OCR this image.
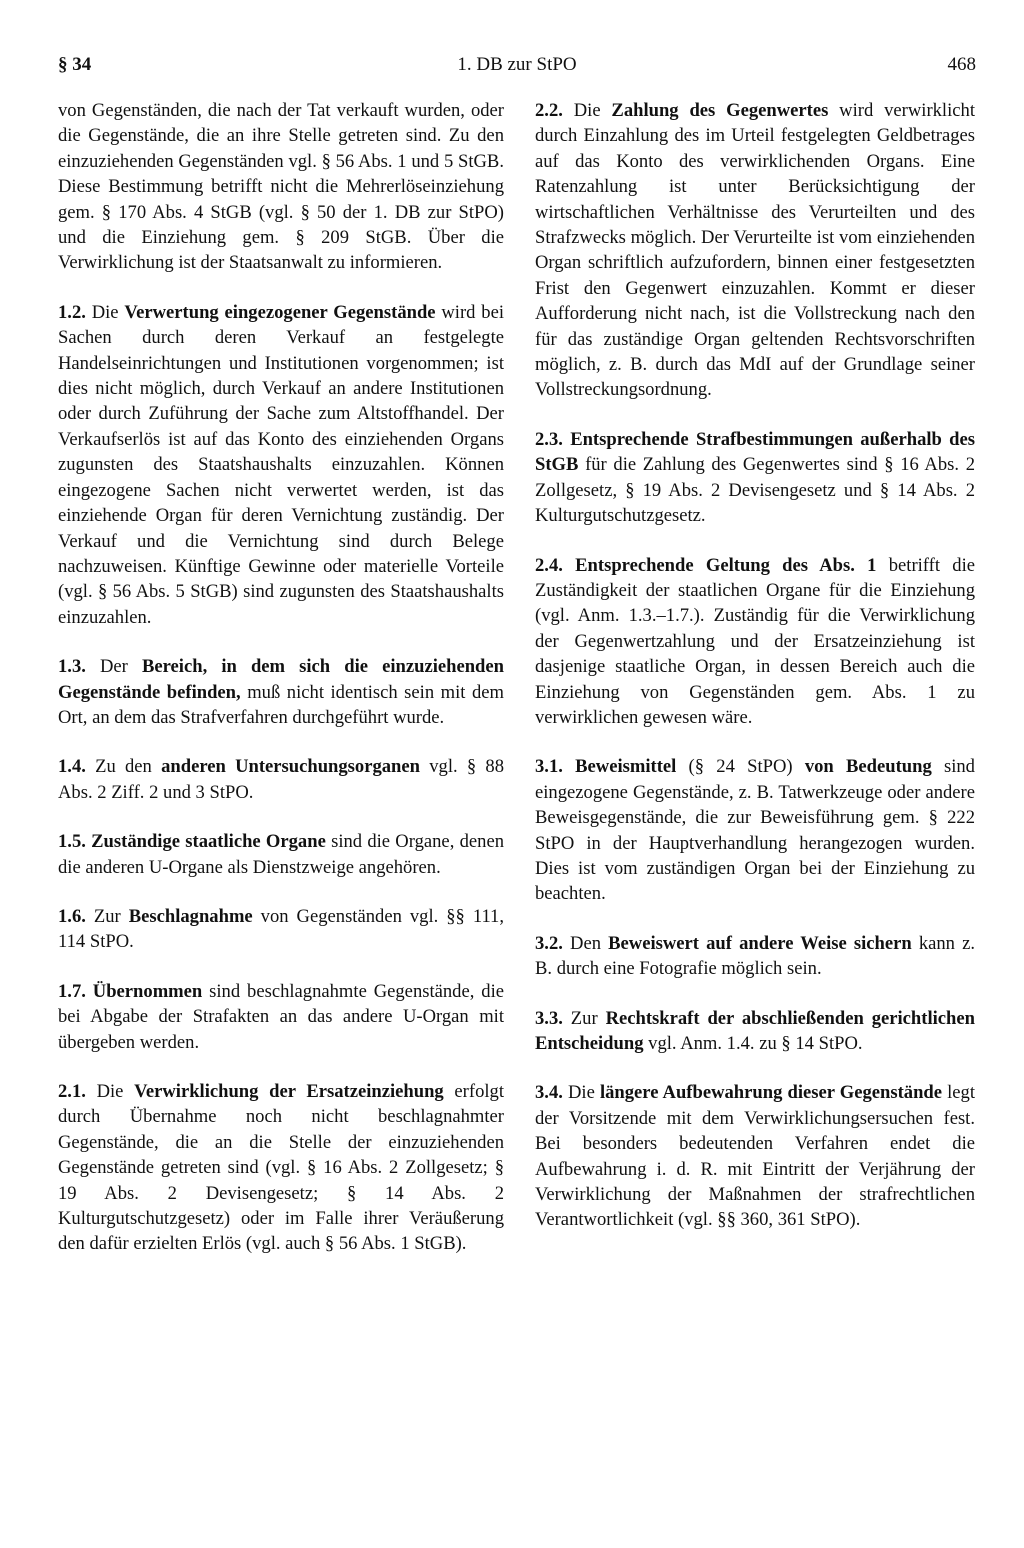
§ 34	1. DB zur StPO	468

von Gegenständen, die nach der Tat verkauft wurden, oder die Gegenstände, die an ihre Stelle getreten sind. Zu den einzuziehenden Gegenständen vgl. § 56 Abs. 1 und 5 StGB. Diese Bestimmung betrifft nicht die Mehrerlöseinziehung gem. § 170 Abs. 4 StGB (vgl. § 50 der 1. DB zur StPO) und die Einziehung gem. § 209 StGB. Über die Verwirklichung ist der Staatsanwalt zu informieren.

1.2. Die Verwertung eingezogener Gegenstände wird bei Sachen durch deren Verkauf an festgelegte Handelseinrichtungen und Institutionen vorgenommen; ist dies nicht möglich, durch Verkauf an andere Institutionen oder durch Zuführung der Sache zum Altstoffhandel. Der Verkaufserlös ist auf das Konto des einziehenden Organs zugunsten des Staatshaushalts einzuzahlen. Können eingezogene Sachen nicht verwertet werden, ist das einziehende Organ für deren Vernichtung zuständig. Der Verkauf und die Vernichtung sind durch Belege nachzuweisen. Künftige Gewinne oder materielle Vorteile (vgl. § 56 Abs. 5 StGB) sind zugunsten des Staatshaushalts einzuzahlen.

1.3. Der Bereich, in dem sich die einzuziehenden Gegenstände befinden, muß nicht identisch sein mit dem Ort, an dem das Strafverfahren durchgeführt wurde.

1.4. Zu den anderen Untersuchungsorganen vgl. § 88 Abs. 2 Ziff. 2 und 3 StPO.

1.5. Zuständige staatliche Organe sind die Organe, denen die anderen U-Organe als Dienstzweige angehören.

1.6. Zur Beschlagnahme von Gegenständen vgl. §§ 111, 114 StPO.

1.7. Übernommen sind beschlagnahmte Gegenstände, die bei Abgabe der Strafakten an das andere U-Organ mit übergeben werden.

2.1. Die Verwirklichung der Ersatzeinziehung erfolgt durch Übernahme noch nicht beschlagnahmter Gegenstände, die an die Stelle der einzuziehenden Gegenstände getreten sind (vgl. § 16 Abs. 2 Zollgesetz; § 19 Abs. 2 Devisengesetz; § 14 Abs. 2 Kulturgutschutzgesetz) oder im Falle ihrer Veräußerung den dafür erzielten Erlös (vgl. auch § 56 Abs. 1 StGB).

2.2. Die Zahlung des Gegenwertes wird verwirklicht durch Einzahlung des im Urteil festgelegten Geldbetrages auf das Konto des verwirklichenden Organs. Eine Ratenzahlung ist unter Berücksichtigung der wirtschaftlichen Verhältnisse des Verurteilten und des Strafzwecks möglich. Der Verurteilte ist vom einziehenden Organ schriftlich aufzufordern, binnen einer festgesetzten Frist den Gegenwert einzuzahlen. Kommt er dieser Aufforderung nicht nach, ist die Vollstreckung nach den für das zuständige Organ geltenden Rechtsvorschriften möglich, z. B. durch das MdI auf der Grundlage seiner Vollstreckungsordnung.

2.3. Entsprechende Strafbestimmungen außerhalb des StGB für die Zahlung des Gegenwertes sind § 16 Abs. 2 Zollgesetz, § 19 Abs. 2 Devisengesetz und § 14 Abs. 2 Kulturgutschutzgesetz.

2.4. Entsprechende Geltung des Abs. 1 betrifft die Zuständigkeit der staatlichen Organe für die Einziehung (vgl. Anm. 1.3.–1.7.). Zuständig für die Verwirklichung der Gegenwertzahlung und der Ersatzeinziehung ist dasjenige staatliche Organ, in dessen Bereich auch die Einziehung von Gegenständen gem. Abs. 1 zu verwirklichen gewesen wäre.

3.1. Beweismittel (§ 24 StPO) von Bedeutung sind eingezogene Gegenstände, z. B. Tatwerkzeuge oder andere Beweisgegenstände, die zur Beweisführung gem. § 222 StPO in der Hauptverhandlung herangezogen wurden. Dies ist vom zuständigen Organ bei der Einziehung zu beachten.

3.2. Den Beweiswert auf andere Weise sichern kann z. B. durch eine Fotografie möglich sein.

3.3. Zur Rechtskraft der abschließenden gerichtlichen Entscheidung vgl. Anm. 1.4. zu § 14 StPO.

3.4. Die längere Aufbewahrung dieser Gegenstände legt der Vorsitzende mit dem Verwirklichungsersuchen fest. Bei besonders bedeutenden Verfahren endet die Aufbewahrung i. d. R. mit Eintritt der Verjährung der Verwirklichung der Maßnahmen der strafrechtlichen Verantwortlichkeit (vgl. §§ 360, 361 StPO).
